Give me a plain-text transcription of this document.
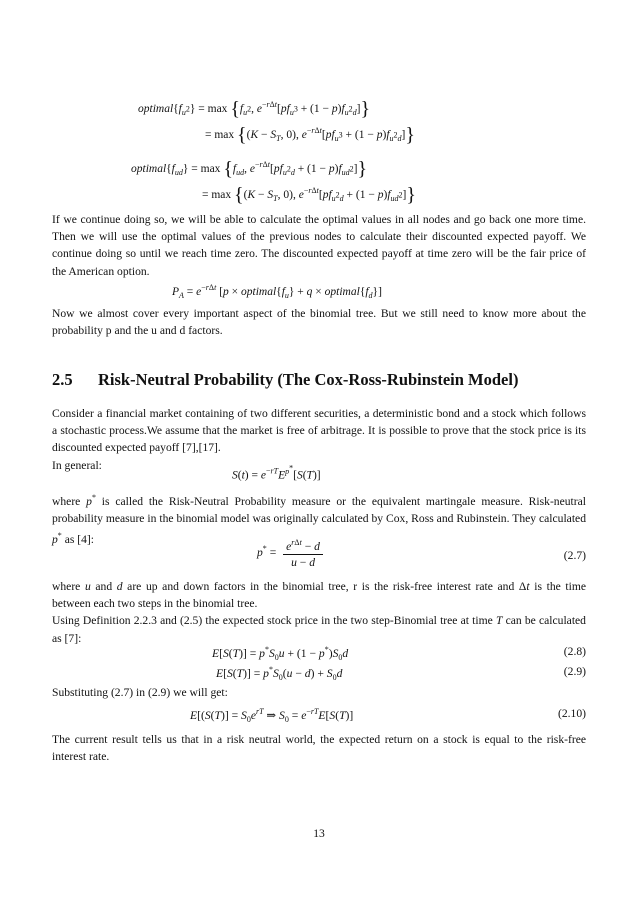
$optimal\{f_{u^2}\} = \max \{f_{u^2}$, $e^{-r\Delta t}[pf_{u^3} + (1 - p)f_{u^2d}]$}
= $\max \{(K - S_T$, 0), $e^{-r\Delta t}[pf_{u^3} + (1 - p)f_{u^2d}]$}
$optimal\{f_{ud}\} = \max \{f_{ud}$, $e^{-r\Delta t}[pf_{u^2d} + (1 - p)f_{ud^2}]$}
= $\max \{(K - S_T$, 0), $e^{-r\Delta t}[pf_{u^2d} + (1 - p)f_{ud^2}]$}

If we continue doing so, we will be able to calculate the optimal values in all nodes and go back one more time. Then we will use the optimal values of the previous nodes to calculate their discounted expected payoff. We continue doing so until we reach time zero. The discounted expected payoff at time zero will be the fair price of the American option.

$P_A = e^{-r\Delta t}$ [$p \times optimal\{f_u\} + q$ × $optimal\{f_d\}$]

Now we almost cover every important aspect of the binomial tree. But we still need to know more about the probability p and the u and d factors.

2.5 Risk-Neutral Probability (The Cox-Ross-Rubinstein Model)

Consider a financial market containing of two different securities, a deterministic bond and a stock which follows a stochastic process.We assume that the market is free of arbitrage. It is possible to prove that the stock price is its discounted expected payoff [7],[17].

In general:

$S(t) = e^{-rT}E^{p^*}[S(T)]$

where p* is called the Risk-Neutral Probability measure or the equivalent martingale measure. Risk-neutral probability measure in the binomial model was originally calculated by Cox, Ross and Rubinstein. They calculated p* as [4]:

$p^* = \frac{e^{r\Delta t} - d}{u - d}$	(2.7)

where u and d are up and down factors in the binomial tree, r is the risk-free interest rate and Δt is the time between each two steps in the binomial tree.

Using Definition 2.2.3 and (2.5) the expected stock price in the two step-Binomial tree at time T can be calculated as [7]:

$E[S(T)] = p^*S_0u + (1 - p^*)S_0d$	(2.8)
$E[S(T)] = p^*S_0(u - d) + S_0d$	(2.9)

Substituting (2.7) in (2.9) we will get:

$E[(S(T)] = S_0e^{rT}$ ⇒ $S_0 = e^{-rT}E[S(T)]$	(2.10)

The current result tells us that in a risk neutral world, the expected return on a stock is equal to the risk-free interest rate.

13
